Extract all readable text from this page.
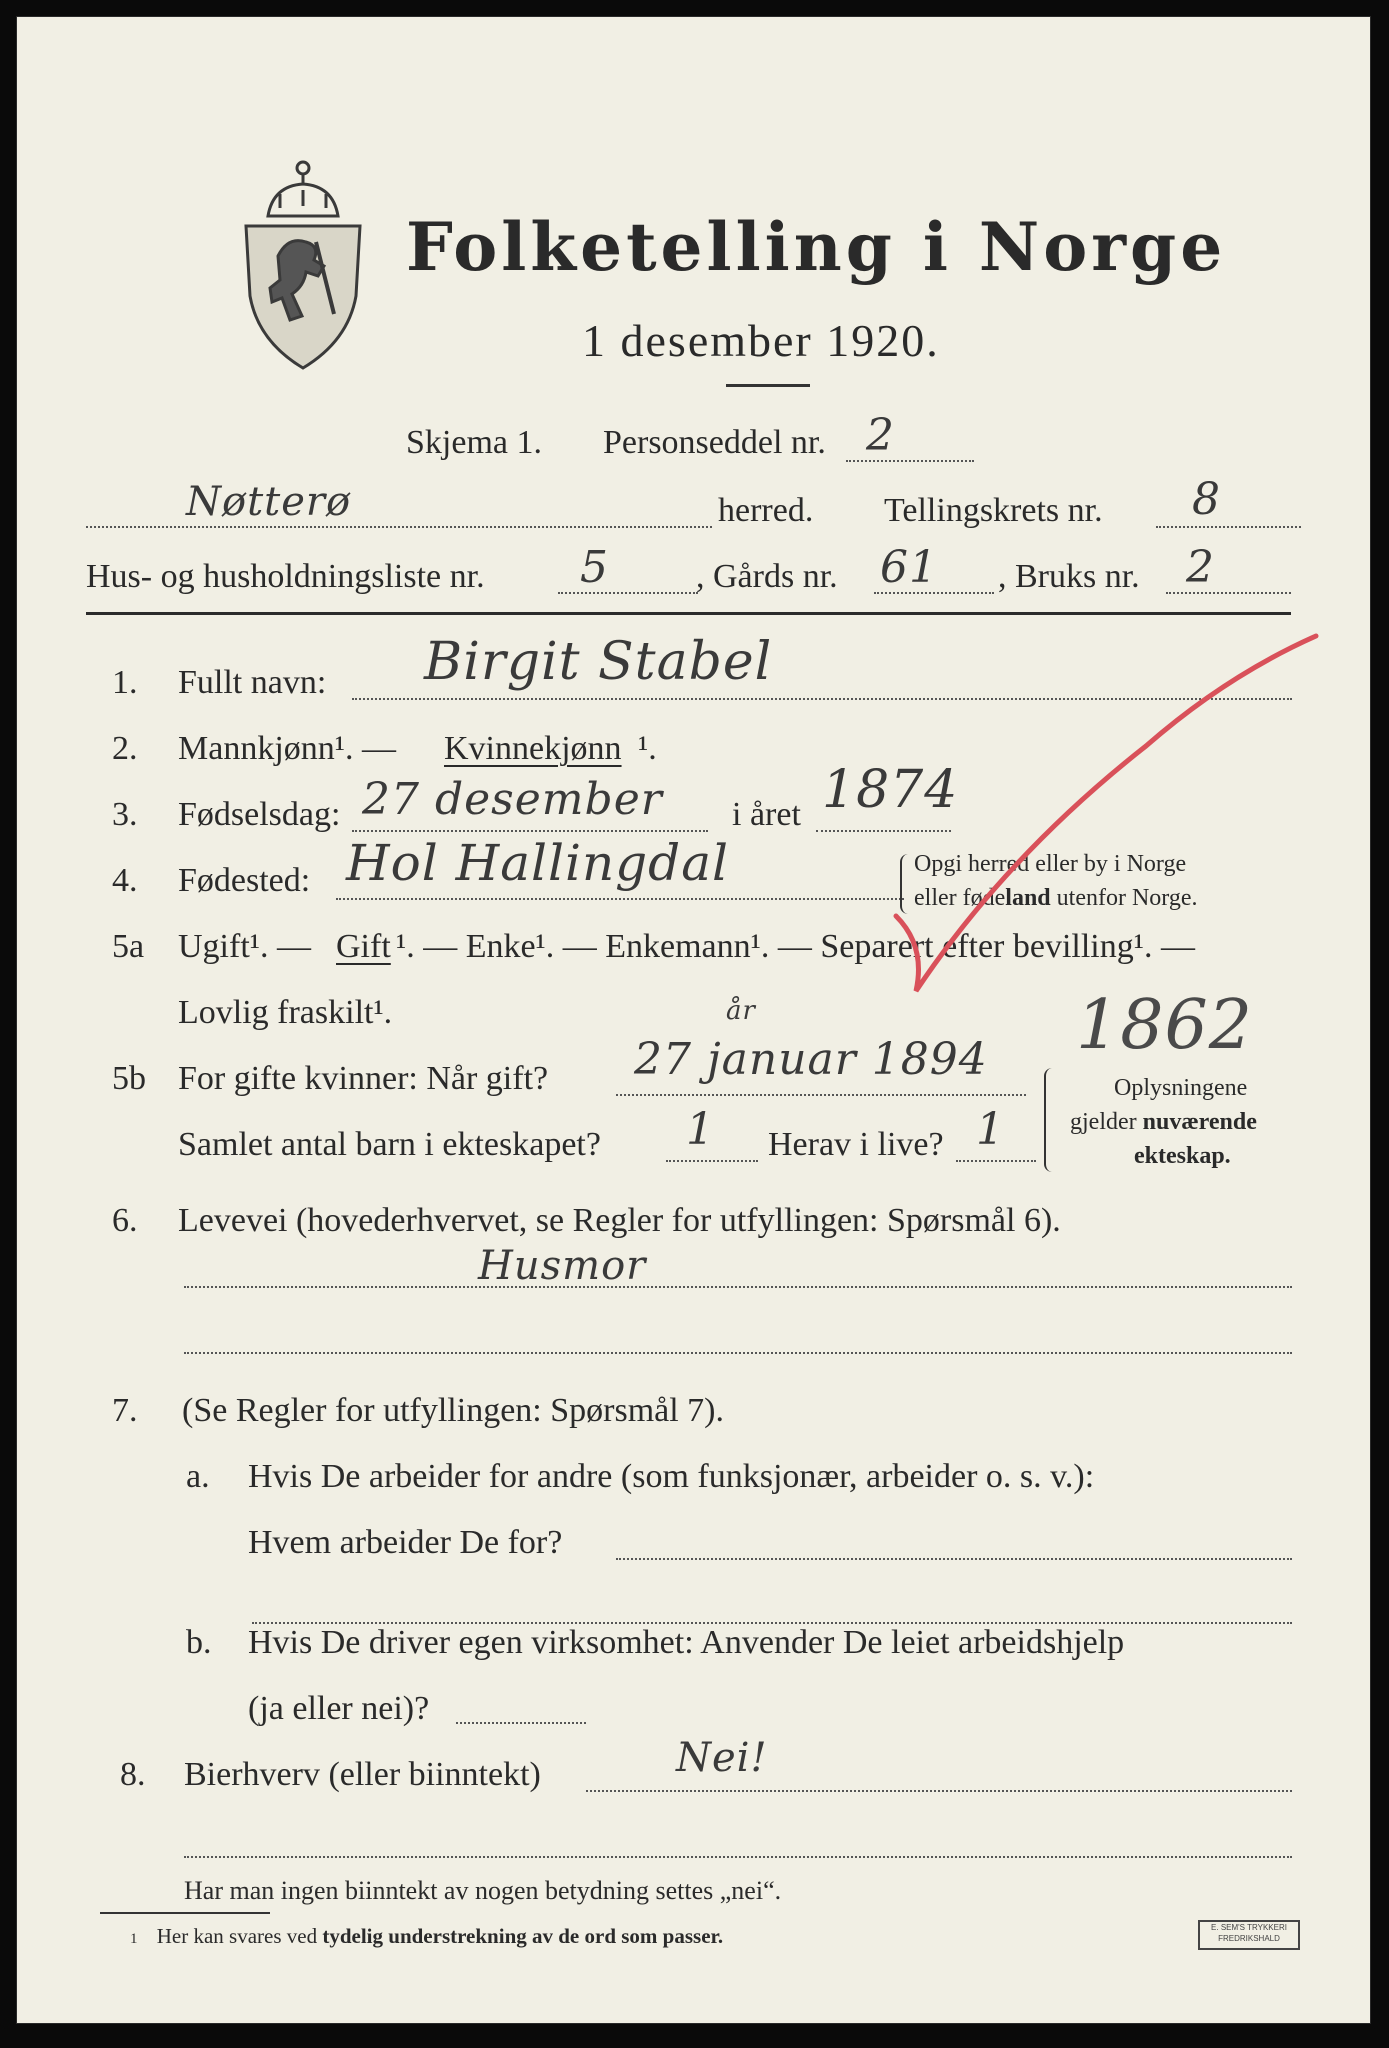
Folketelling i Norge
1 desember 1920.
Skjema 1. Personseddel nr. 2
Nøtterø	herred. Tellingskrets nr. 8
Hus- og husholdningsliste nr. 5	, Gårds nr. 61 , Bruks nr. 2
1. Fullt navn: Birgit Stabel
2. Mannkjønn¹. — Kvinnekjønn ¹.
3. Fødselsdag: 27 desember i året 1874
4. Fødested: Hol Hallingdal	Opgi herred eller by i Norge
eller fødeland utenfor Norge.
5a Ugift¹. — Gift ¹. — Enke¹. — Enkemann¹. — Separert efter bevilling¹. —
Lovlig fraskilt¹.
5b For gifte kvinner: Når gift?
år
27 januar 1894 1862
Samlet antal barn i ekteskapet? 1 Herav i live? 1
Oplysningene
gjelder nuværende
ekteskap.
6. Levevei (hovederhvervet, se Regler for utfyllingen: Spørsmål 6).
Husmor
7. (Se Regler for utfyllingen: Spørsmål 7).
a. Hvis De arbeider for andre (som funksjonær, arbeider o. s. v.):
Hvem arbeider De for?
b. Hvis De driver egen virksomhet: Anvender De leiet arbeidshjelp
(ja eller nei)?
8. Bierhverv (eller biinntekt)	Nei!
Har man ingen biinntekt av nogen betydning settes „nei“.
1 Her kan svares ved tydelig understrekning av de ord som passer.	E. SEM'S TRYKKERI
FREDRIKSHALD
